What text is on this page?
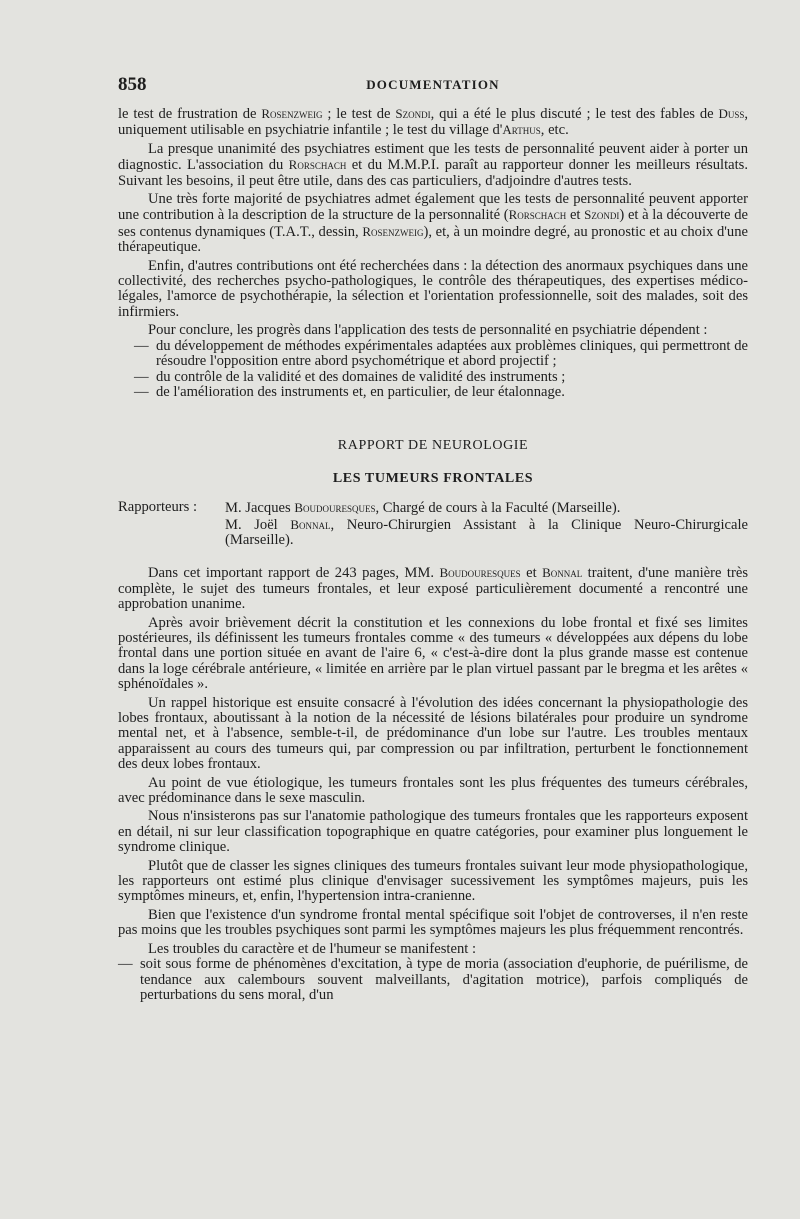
858	DOCUMENTATION

le test de frustration de Rosenzweig ; le test de Szondi, qui a été le plus discuté ; le test des fables de Duss, uniquement utilisable en psychiatrie infantile ; le test du village d'Arthus, etc.

La presque unanimité des psychiatres estiment que les tests de personnalité peuvent aider à porter un diagnostic. L'association du Rorschach et du M.M.P.I. paraît au rapporteur donner les meilleurs résultats. Suivant les besoins, il peut être utile, dans des cas particuliers, d'adjoindre d'autres tests.

Une très forte majorité de psychiatres admet également que les tests de personnalité peuvent apporter une contribution à la description de la structure de la personnalité (Rorschach et Szondi) et à la découverte de ses contenus dynamiques (T.A.T., dessin, Rosenzweig), et, à un moindre degré, au pronostic et au choix d'une thérapeutique.

Enfin, d'autres contributions ont été recherchées dans : la détection des anormaux psychiques dans une collectivité, des recherches psycho-pathologiques, le contrôle des thérapeutiques, des expertises médico-légales, l'amorce de psychothérapie, la sélection et l'orientation professionnelle, soit des malades, soit des infirmiers.

Pour conclure, les progrès dans l'application des tests de personnalité en psychiatrie dépendent :

— du développement de méthodes expérimentales adaptées aux problèmes cliniques, qui permettront de résoudre l'opposition entre abord psychométrique et abord projectif ;
— du contrôle de la validité et des domaines de validité des instruments ;
— de l'amélioration des instruments et, en particulier, de leur étalonnage.
RAPPORT DE NEUROLOGIE
LES TUMEURS FRONTALES
Rapporteurs :	M. Jacques Boudouresques, Chargé de cours à la Faculté (Marseille).
M. Joël Bonnal, Neuro-Chirurgien Assistant à la Clinique Neuro-Chirurgicale (Marseille).

Dans cet important rapport de 243 pages, MM. Boudouresques et Bonnal traitent, d'une manière très complète, le sujet des tumeurs frontales, et leur exposé particulièrement documenté a rencontré une approbation unanime.

Après avoir brièvement décrit la constitution et les connexions du lobe frontal et fixé ses limites postérieures, ils définissent les tumeurs frontales comme « des tumeurs « développées aux dépens du lobe frontal dans une portion située en avant de l'aire 6, « c'est-à-dire dont la plus grande masse est contenue dans la loge cérébrale antérieure, « limitée en arrière par le plan virtuel passant par le bregma et les arêtes « sphénoïdales ».

Un rappel historique est ensuite consacré à l'évolution des idées concernant la physiopathologie des lobes frontaux, aboutissant à la notion de la nécessité de lésions bilatérales pour produire un syndrome mental net, et à l'absence, semble-t-il, de prédominance d'un lobe sur l'autre. Les troubles mentaux apparaissent au cours des tumeurs qui, par compression ou par infiltration, perturbent le fonctionnement des deux lobes frontaux.

Au point de vue étiologique, les tumeurs frontales sont les plus fréquentes des tumeurs cérébrales, avec prédominance dans le sexe masculin.

Nous n'insisterons pas sur l'anatomie pathologique des tumeurs frontales que les rapporteurs exposent en détail, ni sur leur classification topographique en quatre catégories, pour examiner plus longuement le syndrome clinique.

Plutôt que de classer les signes cliniques des tumeurs frontales suivant leur mode physiopathologique, les rapporteurs ont estimé plus clinique d'envisager sucessivement les symptômes majeurs, puis les symptômes mineurs, et, enfin, l'hypertension intra-cranienne.

Bien que l'existence d'un syndrome frontal mental spécifique soit l'objet de controverses, il n'en reste pas moins que les troubles psychiques sont parmi les symptômes majeurs les plus fréquemment rencontrés.

Les troubles du caractère et de l'humeur se manifestent :

— soit sous forme de phénomènes d'excitation, à type de moria (association d'euphorie, de puérilisme, de tendance aux calembours souvent malveillants, d'agitation motrice), parfois compliqués de perturbations du sens moral, d'un
